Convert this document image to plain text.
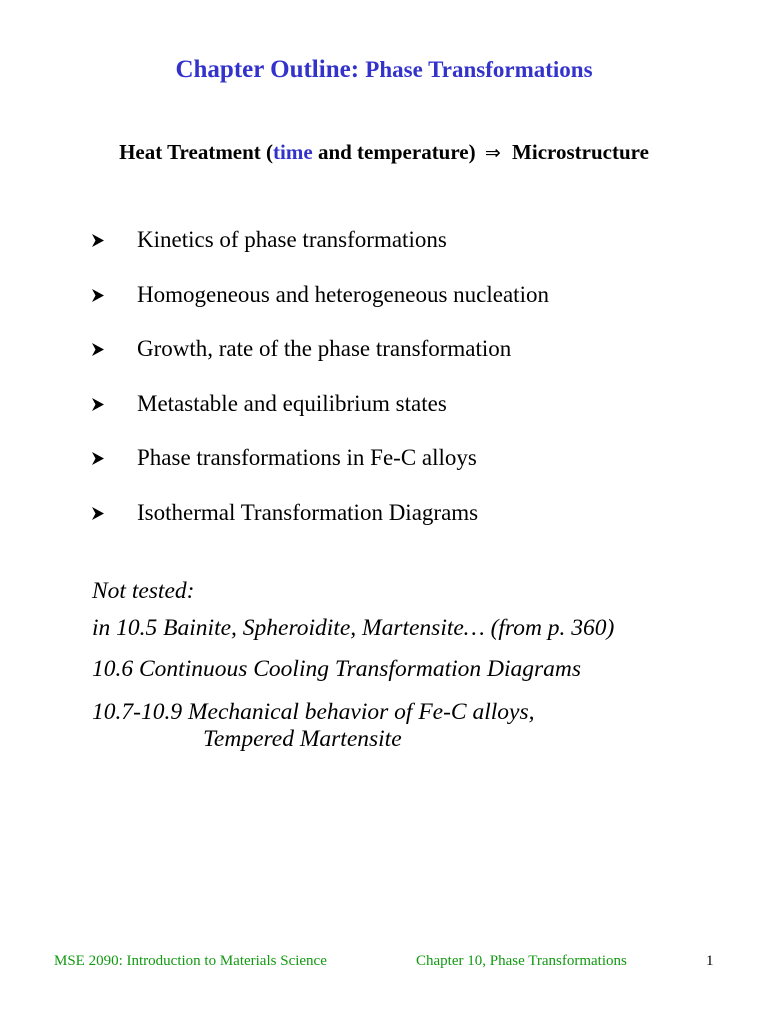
Chapter Outline: Phase Transformations
Heat Treatment (time and temperature) ⇒ Microstructure
Kinetics of phase transformations
Homogeneous and heterogeneous nucleation
Growth, rate of the phase transformation
Metastable and equilibrium states
Phase transformations in Fe-C alloys
Isothermal Transformation Diagrams
Not tested:
in 10.5 Bainite, Spheroidite, Martensite… (from p. 360)
10.6 Continuous Cooling Transformation Diagrams
10.7-10.9 Mechanical behavior of Fe-C alloys,
Tempered Martensite
MSE 2090: Introduction to Materials Science	Chapter 10, Phase Transformations	1
